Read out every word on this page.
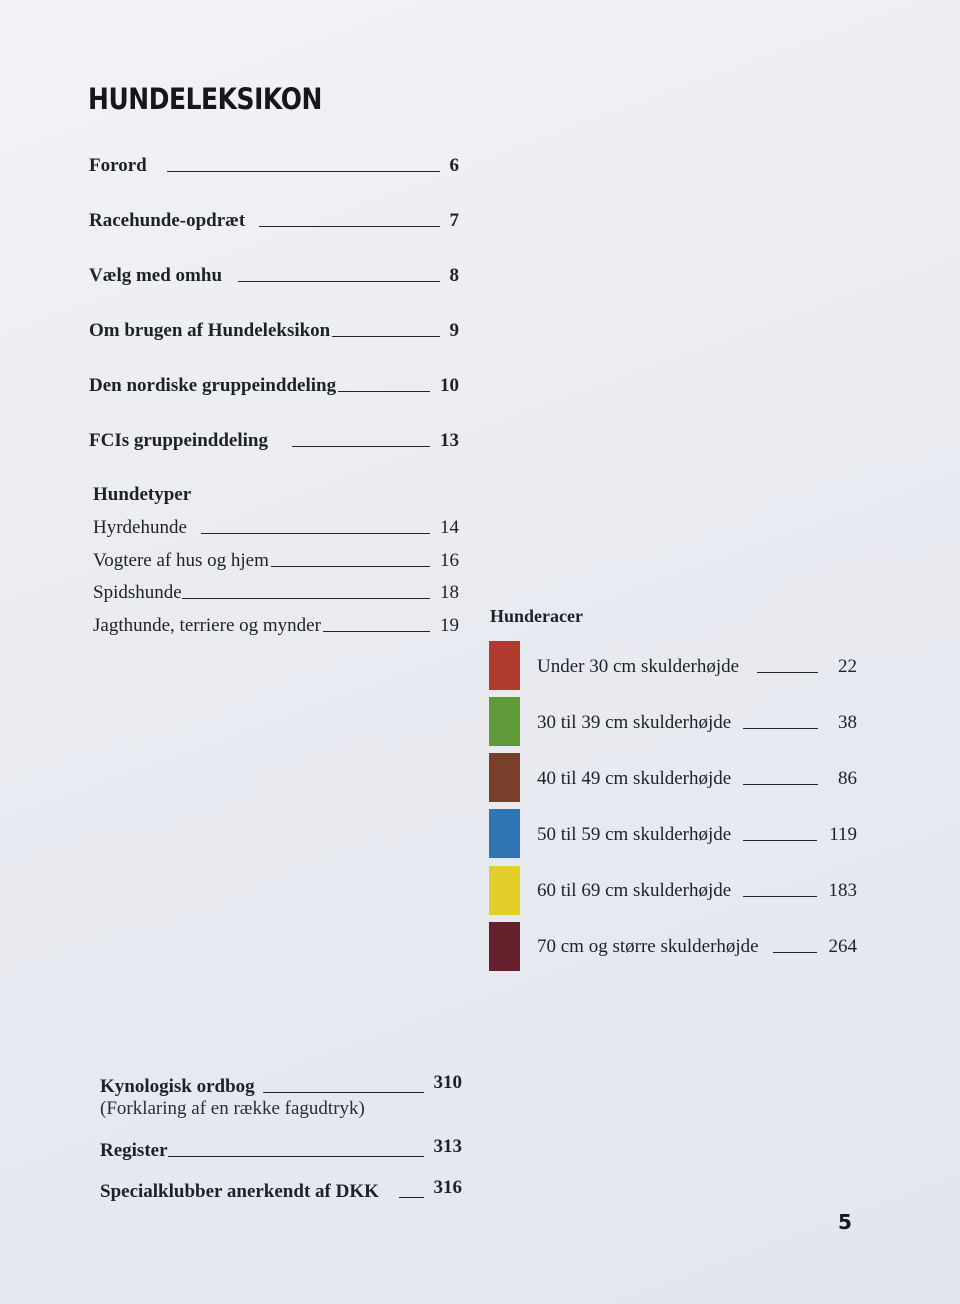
HUNDELEKSIKON
Forord	6
Racehunde-opdræt	7
Vælg med omhu	8
Om brugen af Hundeleksikon	9
Den nordiske gruppeinddeling	10
FCIs gruppeinddeling	13
Hundetyper
Hyrdehunde	14
Vogtere af hus og hjem	16
Spidshunde	18
Jagthunde, terriere og mynder	19 Hunderacer
Under 30 cm skulderhøjde	22
30 til 39 cm skulderhøjde	38
40 til 49 cm skulderhøjde	86
50 til 59 cm skulderhøjde	119
60 til 69 cm skulderhøjde	183
70 cm og større skulderhøjde	264
Kynologisk ordbog	310
(Forklaring af en række fagudtryk)
Register	313
Specialklubber anerkendt af DKK	316
5
